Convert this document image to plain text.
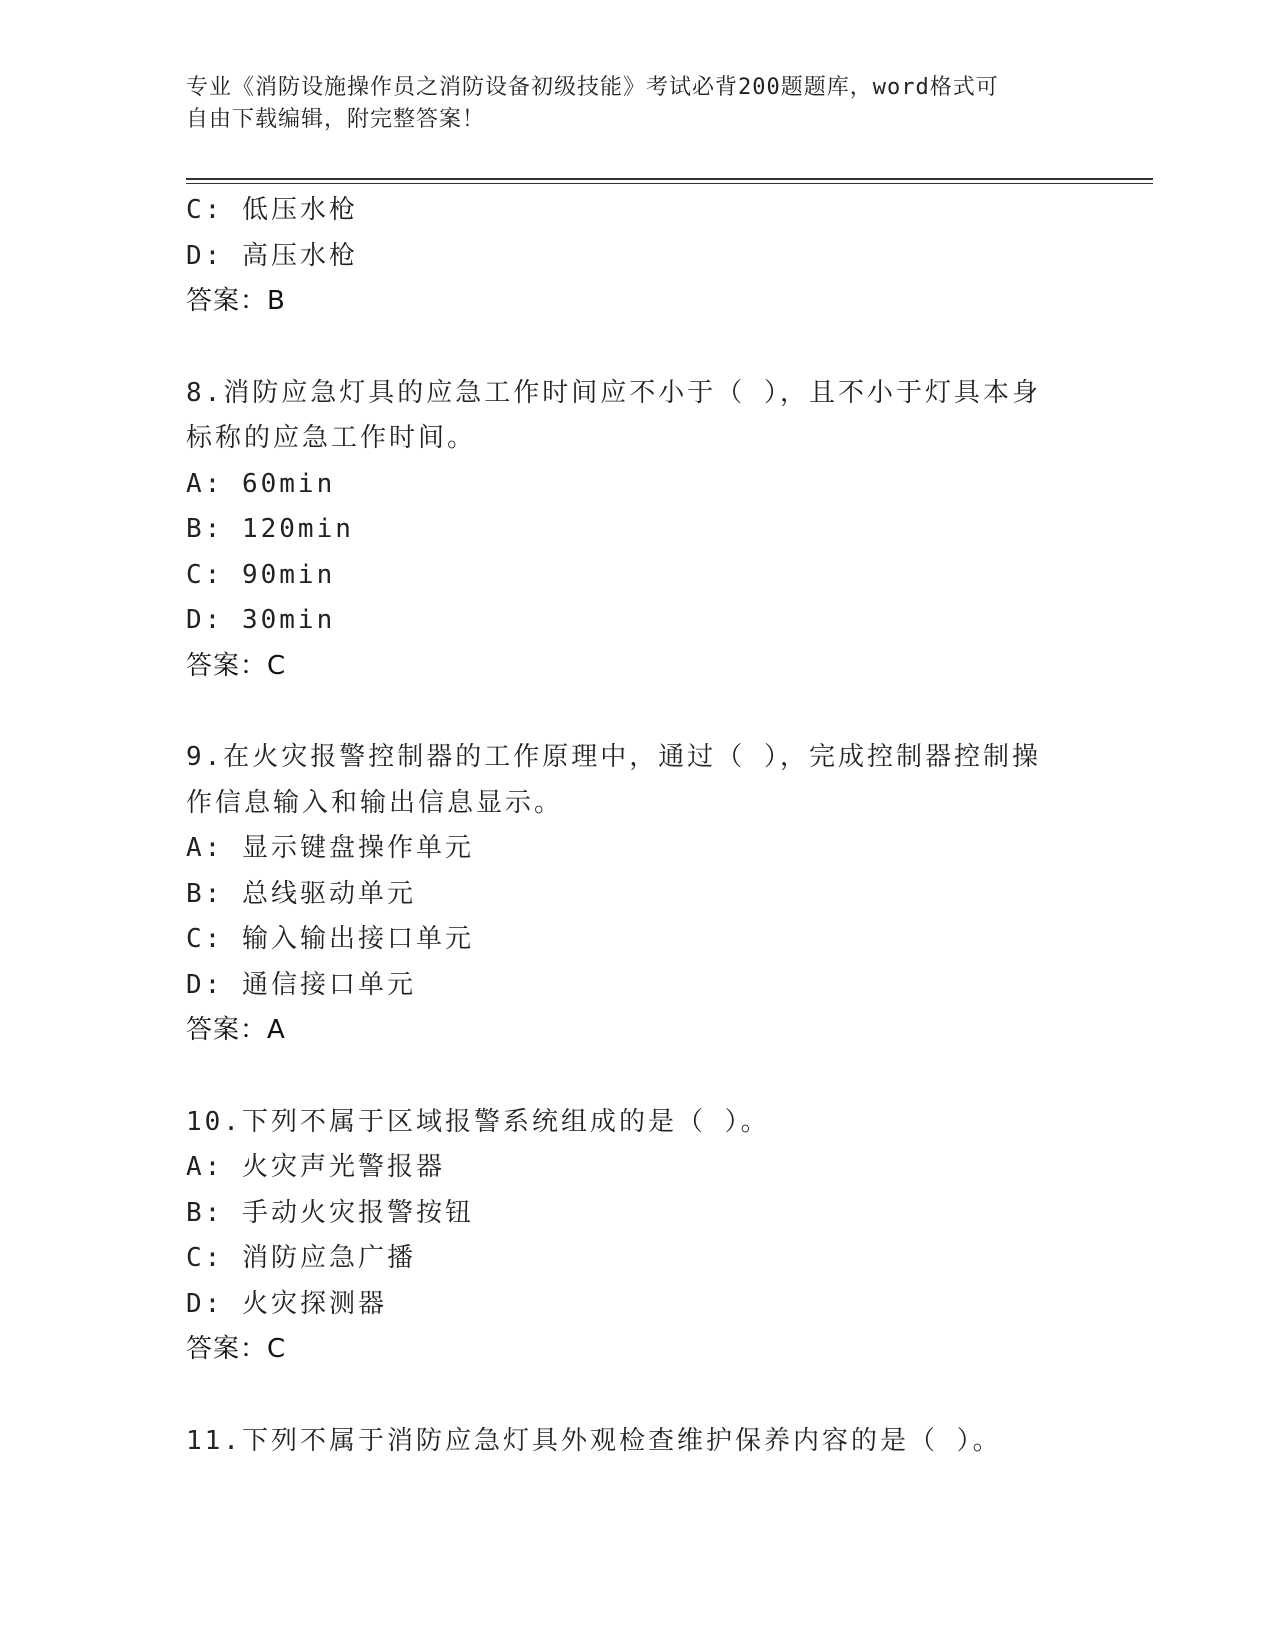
专业《消防设施操作员之消防设备初级技能》考试必背200题题库，word格式可
自由下载编辑，附完整答案！
C: 低压水枪
D: 高压水枪
答案：B
8.消防应急灯具的应急工作时间应不小于（ ），且不小于灯具本身
标称的应急工作时间。
A: 60min
B: 120min
C: 90min
D: 30min
答案：C
9.在火灾报警控制器的工作原理中，通过（ ），完成控制器控制操
作信息输入和输出信息显示。
A: 显示键盘操作单元
B: 总线驱动单元
C: 输入输出接口单元
D: 通信接口单元
答案：A
10.下列不属于区域报警系统组成的是（ ）。
A: 火灾声光警报器
B: 手动火灾报警按钮
C: 消防应急广播
D: 火灾探测器
答案：C
11.下列不属于消防应急灯具外观检查维护保养内容的是（ ）。
